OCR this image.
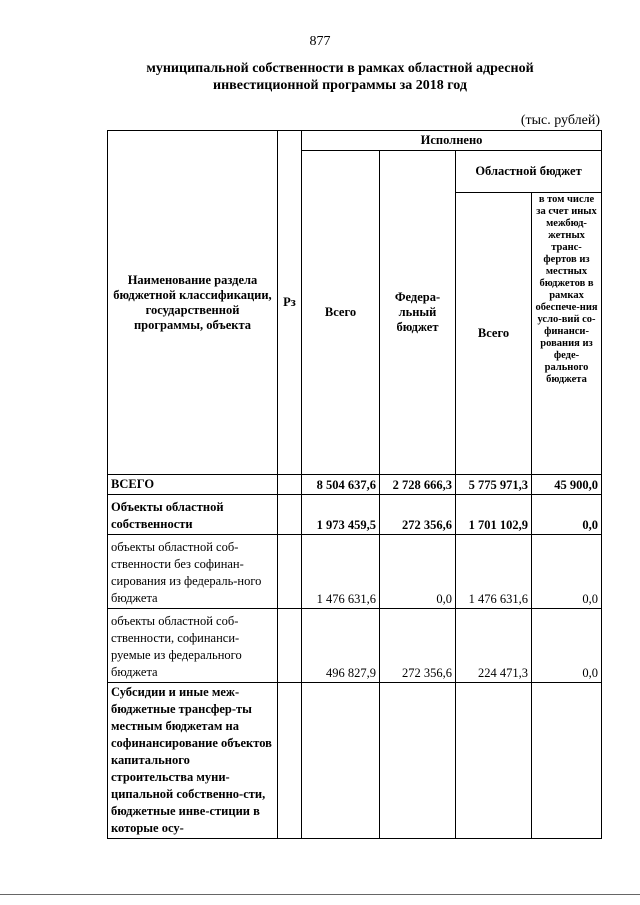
877
муниципальной собственности в рамках областной адресной
инвестиционной программы за 2018 год
(тыс. рублей)
Наименование раздела бюджетной классификации, государственной программы, объекта	Рз	Исполнено			
		Всего	Федера-льный бюджет	Областной бюджет	
				Всего	в том числе за счет иных межбюд-жетных транс-фертов из местных бюджетов в рамках обеспече-ния усло-вий со-финанси-рования из феде-рального бюджета
ВСЕГО		8 504 637,6	2 728 666,3	5 775 971,3	45 900,0
Объекты областной собственности		1 973 459,5	272 356,6	1 701 102,9	0,0
объекты областной соб-ственности без софинан-сирования из федераль-ного бюджета		1 476 631,6	0,0	1 476 631,6	0,0
объекты областной соб-ственности, софинанси-руемые из федерального бюджета		496 827,9	272 356,6	224 471,3	0,0
Субсидии и иные меж-бюджетные трансфер-ты местным бюджетам на софинансирование объектов капитального строительства муни-ципальной собственно-сти, бюджетные инве-стиции в которые осу-					
